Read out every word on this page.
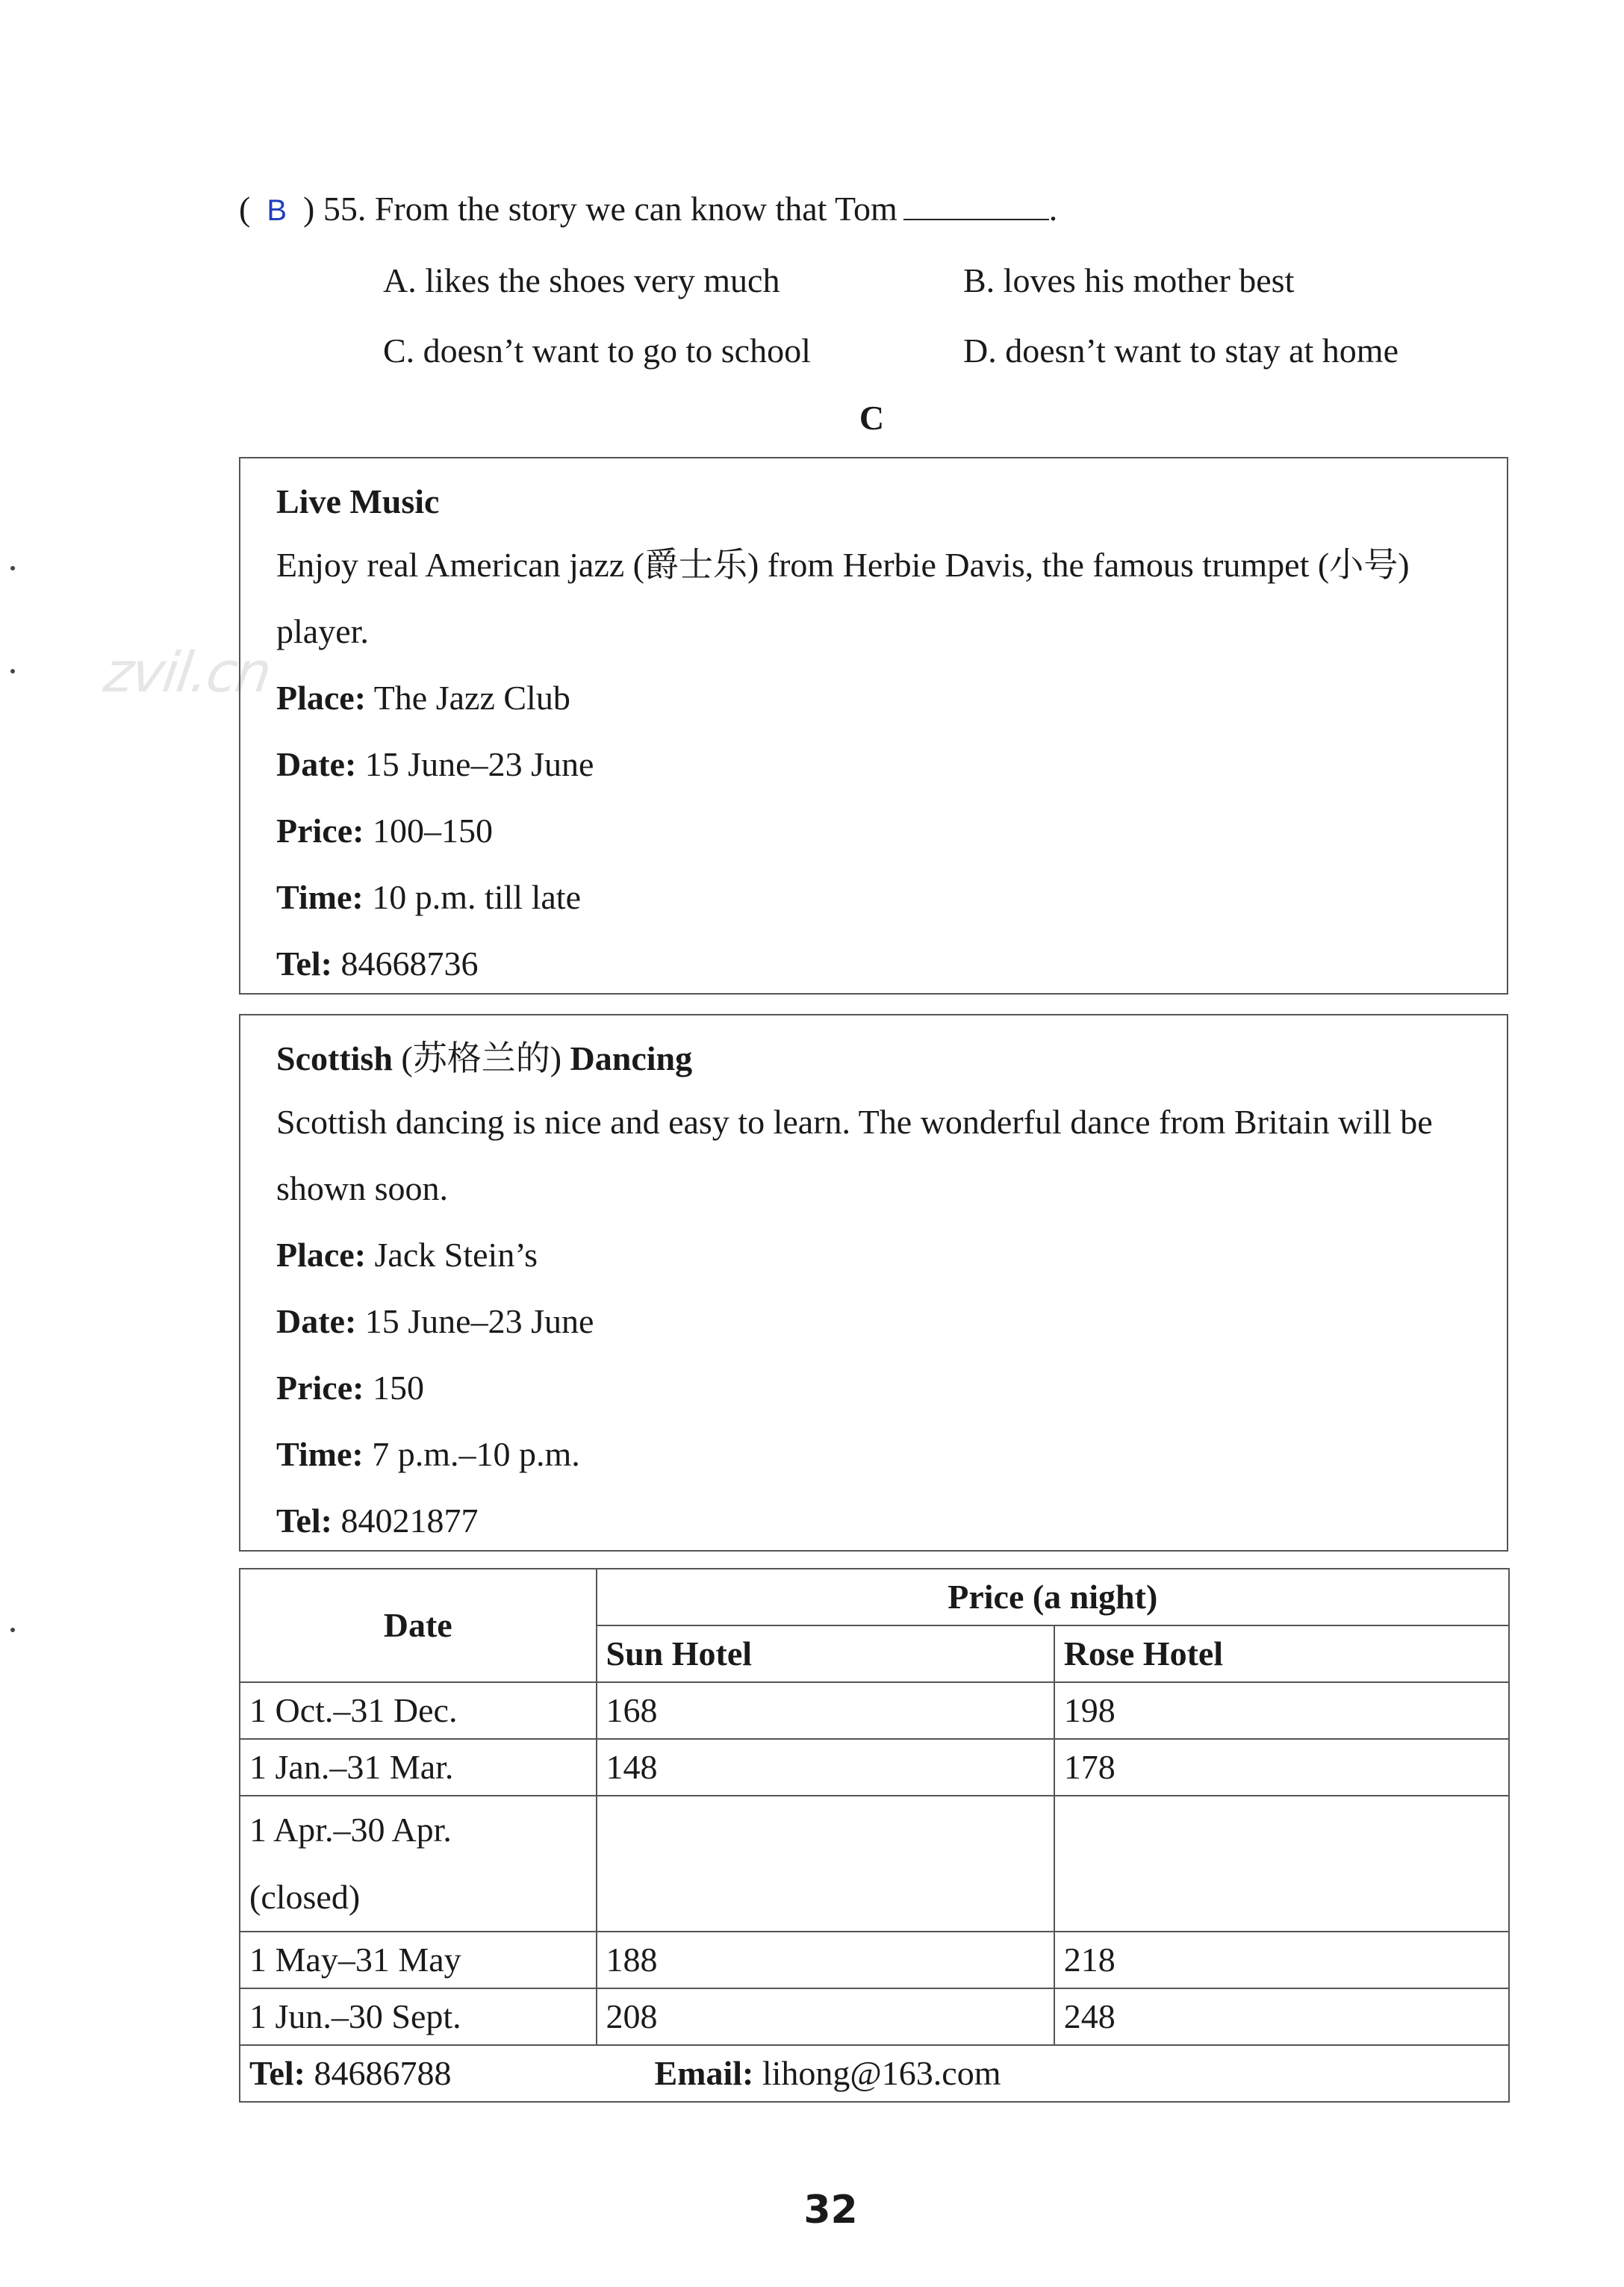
( B ) 55. From the story we can know that Tom	.
A. likes the shoes very much	B. loves his mother best
C. doesn’t want to go to school	D. doesn’t want to stay at home
C
zvil.cn

Live Music

Enjoy real American jazz (爵士乐) from Herbie Davis, the famous trumpet (小号) player.

Place: The Jazz Club

Date: 15 June–23 June

Price: 100–150

Time: 10 p.m. till late

Tel: 84668736

Scottish (苏格兰的) Dancing

Scottish dancing is nice and easy to learn. The wonderful dance from Britain will be shown soon.

Place: Jack Stein’s

Date: 15 June–23 June

Price: 150

Time: 7 p.m.–10 p.m.

Tel: 84021877

Date	Price (a night)	
	Sun Hotel	Rose Hotel
1 Oct.–31 Dec.	168	198
1 Jan.–31 Mar.	148	178
1 Apr.–30 Apr.
(closed)		
1 May–31 May	188	218
1 Jun.–30 Sept.	208	248
Tel: 84686788 Email: lihong@163.com		
32
